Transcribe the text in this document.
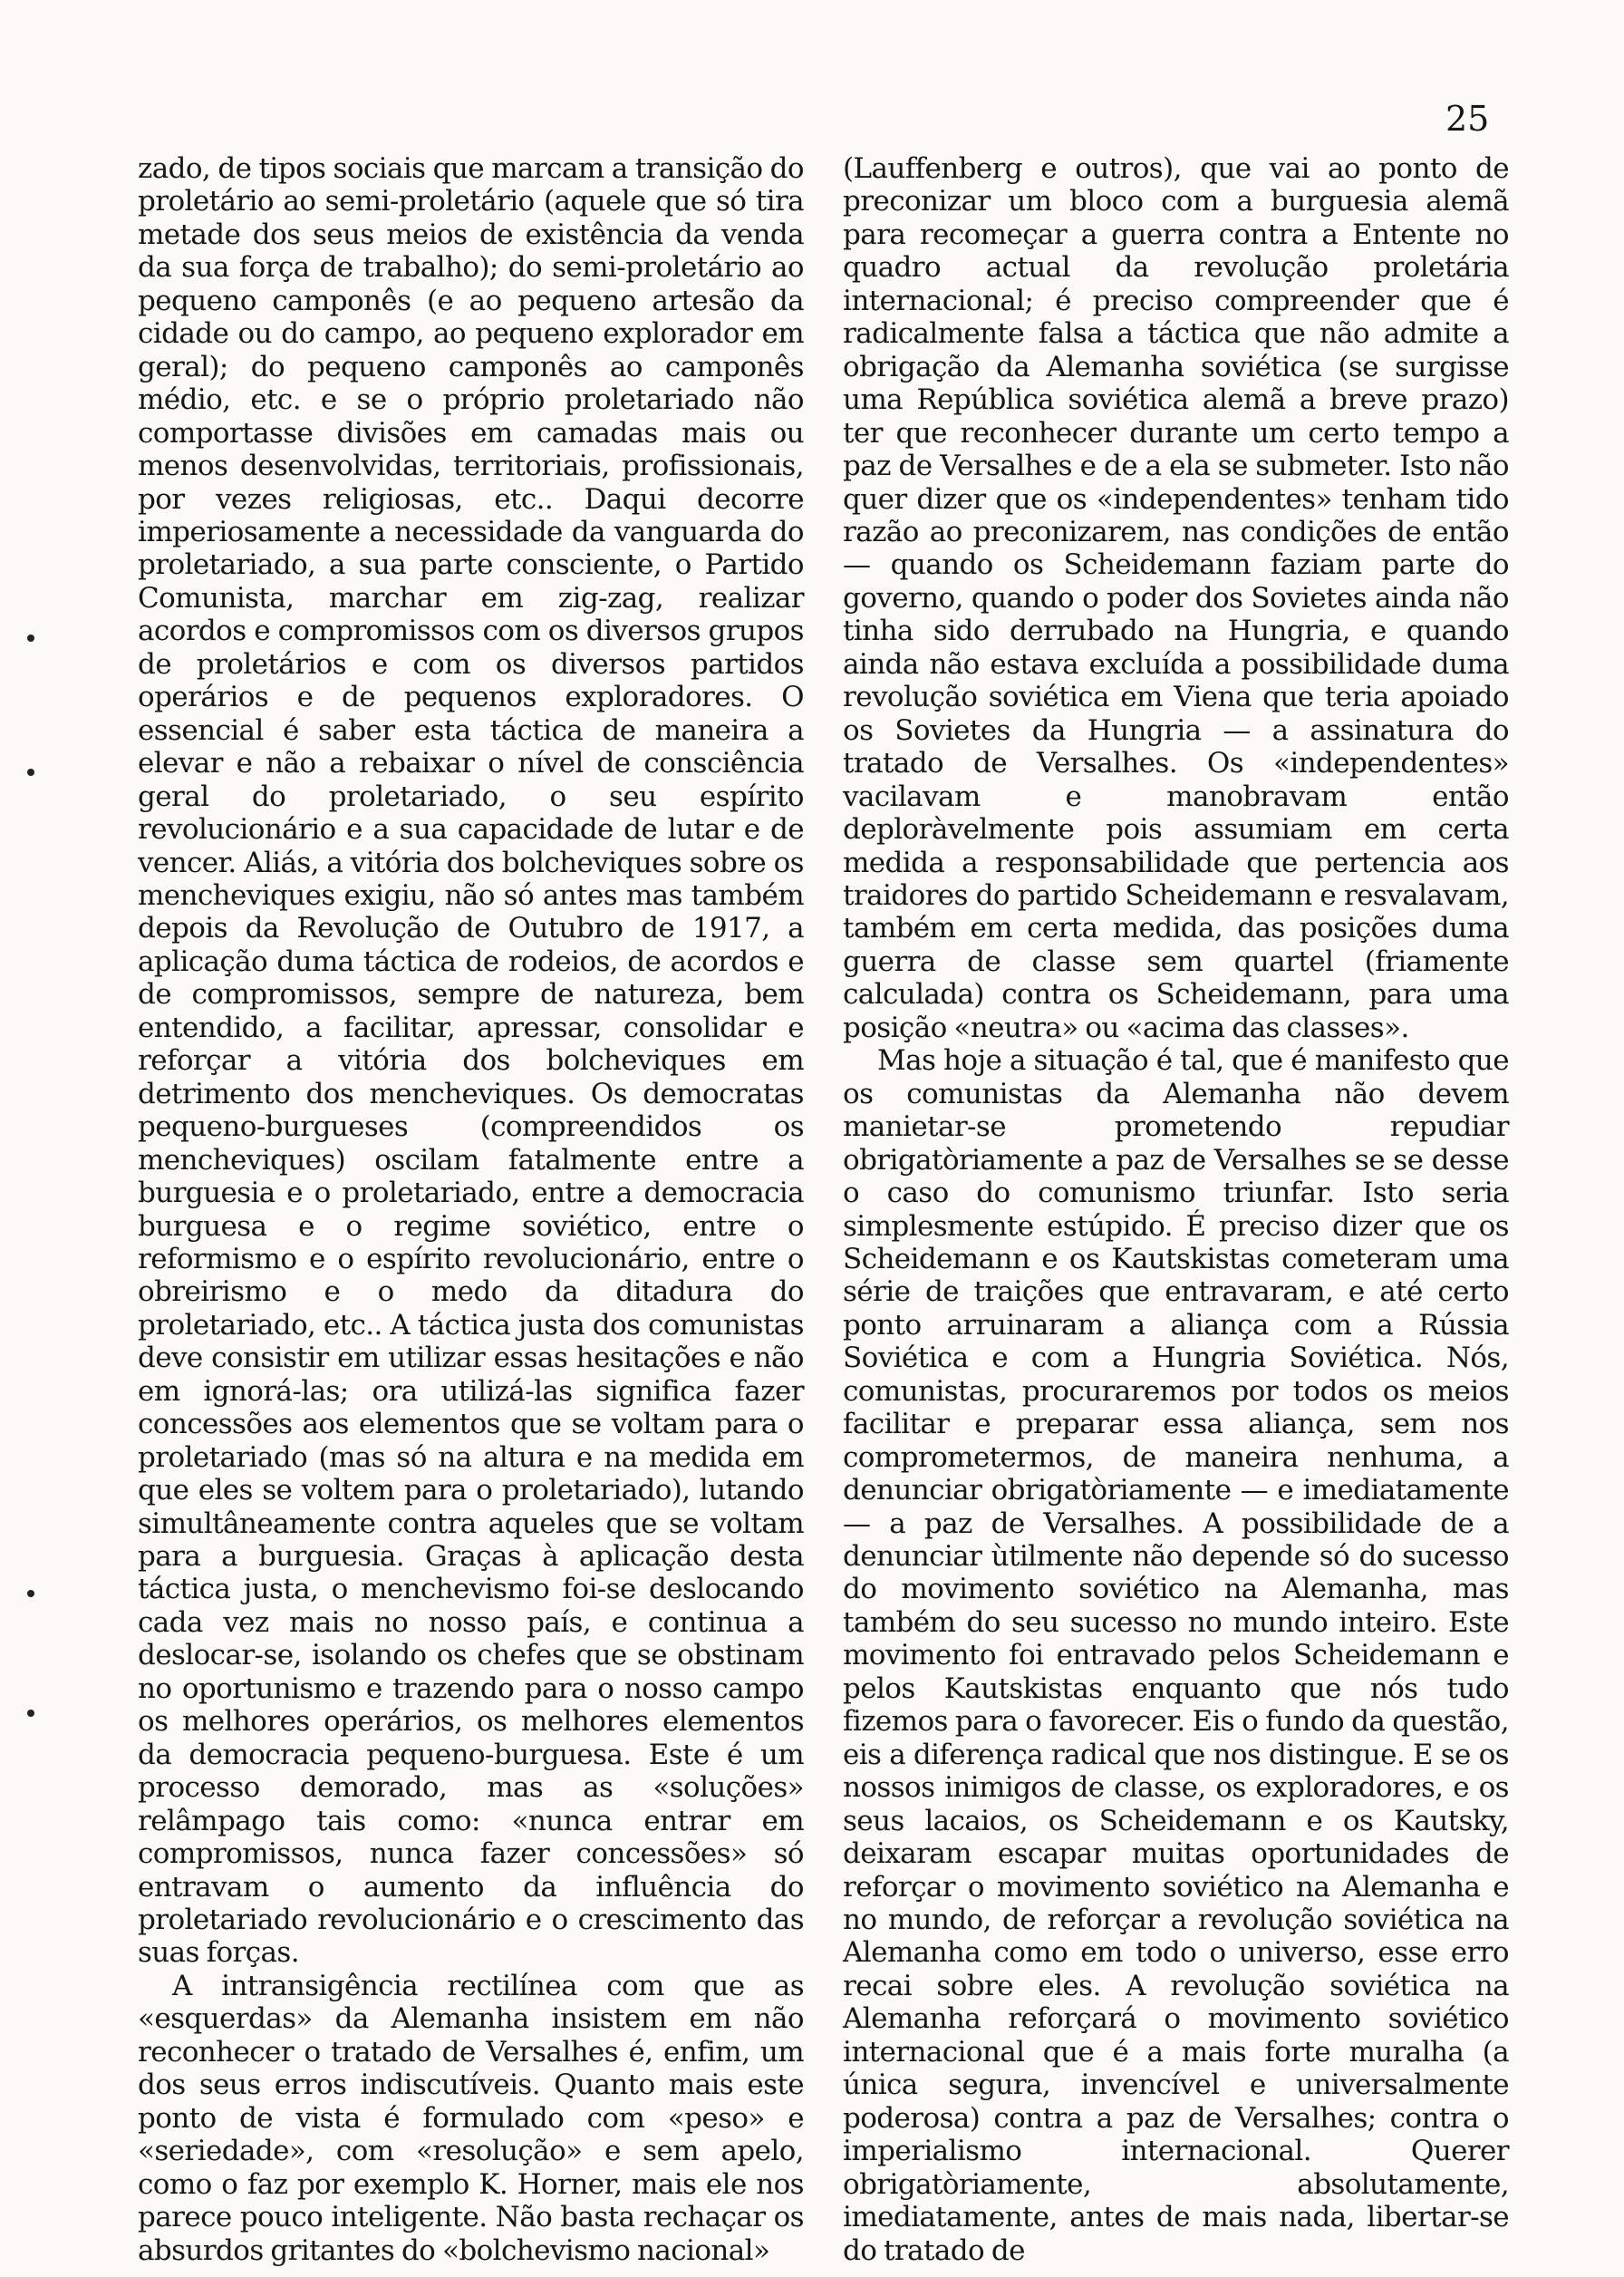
25

zado, de tipos sociais que marcam a transição do proletário ao semi-proletário (aquele que só tira metade dos seus meios de existência da venda da sua força de trabalho); do semi-proletário ao pequeno camponês (e ao pequeno artesão da cidade ou do campo, ao pequeno explorador em geral); do pequeno camponês ao camponês médio, etc. e se o próprio proletariado não comportasse divisões em camadas mais ou menos desenvolvidas, territoriais, profissionais, por vezes religiosas, etc.. Daqui decorre imperiosamente a necessidade da vanguarda do proletariado, a sua parte consciente, o Partido Comunista, marchar em zig-zag, realizar acordos e compromissos com os diversos grupos de proletários e com os diversos partidos operários e de pequenos exploradores. O essencial é saber esta táctica de maneira a elevar e não a rebaixar o nível de consciência geral do proletariado, o seu espírito revolucionário e a sua capacidade de lutar e de vencer. Aliás, a vitória dos bolcheviques sobre os mencheviques exigiu, não só antes mas também depois da Revolução de Outubro de 1917, a aplicação duma táctica de rodeios, de acordos e de compromissos, sempre de natureza, bem entendido, a facilitar, apressar, consolidar e reforçar a vitória dos bolcheviques em detrimento dos mencheviques. Os democratas pequeno-burgueses (compreendidos os mencheviques) oscilam fatalmente entre a burguesia e o proletariado, entre a democracia burguesa e o regime soviético, entre o reformismo e o espírito revolucionário, entre o obreirismo e o medo da ditadura do proletariado, etc.. A táctica justa dos comunistas deve consistir em utilizar essas hesitações e não em ignorá-las; ora utilizá-las significa fazer concessões aos elementos que se voltam para o proletariado (mas só na altura e na medida em que eles se voltem para o proletariado), lutando simultâneamente contra aqueles que se voltam para a burguesia. Graças à aplicação desta táctica justa, o menchevismo foi-se deslocando cada vez mais no nosso país, e continua a deslocar-se, isolando os chefes que se obstinam no oportunismo e trazendo para o nosso campo os melhores operários, os melhores elementos da democracia pequeno-burguesa. Este é um processo demorado, mas as «soluções» relâmpago tais como: «nunca entrar em compromissos, nunca fazer concessões» só entravam o aumento da influência do proletariado revolucionário e o crescimento das suas forças.

A intransigência rectilínea com que as «esquerdas» da Alemanha insistem em não reconhecer o tratado de Versalhes é, enfim, um dos seus erros indiscutíveis. Quanto mais este ponto de vista é formulado com «peso» e «seriedade», com «resolução» e sem apelo, como o faz por exemplo K. Horner, mais ele nos parece pouco inteligente. Não basta rechaçar os absurdos gritantes do «bolchevismo nacional»

(Lauffenberg e outros), que vai ao ponto de preconizar um bloco com a burguesia alemã para recomeçar a guerra contra a Entente no quadro actual da revolução proletária internacional; é preciso compreender que é radicalmente falsa a táctica que não admite a obrigação da Alemanha soviética (se surgisse uma República soviética alemã a breve prazo) ter que reconhecer durante um certo tempo a paz de Versalhes e de a ela se submeter. Isto não quer dizer que os «independentes» tenham tido razão ao preconizarem, nas condições de então — quando os Scheidemann faziam parte do governo, quando o poder dos Sovietes ainda não tinha sido derrubado na Hungria, e quando ainda não estava excluída a possibilidade duma revolução soviética em Viena que teria apoiado os Sovietes da Hungria — a assinatura do tratado de Versalhes. Os «independentes» vacilavam e manobravam então deploràvelmente pois assumiam em certa medida a responsabilidade que pertencia aos traidores do partido Scheidemann e resvalavam, também em certa medida, das posições duma guerra de classe sem quartel (friamente calculada) contra os Scheidemann, para uma posição «neutra» ou «acima das classes».

Mas hoje a situação é tal, que é manifesto que os comunistas da Alemanha não devem manietar-se prometendo repudiar obrigatòriamente a paz de Versalhes se se desse o caso do comunismo triunfar. Isto seria simplesmente estúpido. É preciso dizer que os Scheidemann e os Kautskistas cometeram uma série de traições que entravaram, e até certo ponto arruinaram a aliança com a Rússia Soviética e com a Hungria Soviética. Nós, comunistas, procuraremos por todos os meios facilitar e preparar essa aliança, sem nos comprometermos, de maneira nenhuma, a denunciar obrigatòriamente — e imediatamente — a paz de Versalhes. A possibilidade de a denunciar ùtilmente não depende só do sucesso do movimento soviético na Alemanha, mas também do seu sucesso no mundo inteiro. Este movimento foi entravado pelos Scheidemann e pelos Kautskistas enquanto que nós tudo fizemos para o favorecer. Eis o fundo da questão, eis a diferença radical que nos distingue. E se os nossos inimigos de classe, os exploradores, e os seus lacaios, os Scheidemann e os Kautsky, deixaram escapar muitas oportunidades de reforçar o movimento soviético na Alemanha e no mundo, de reforçar a revolução soviética na Alemanha como em todo o universo, esse erro recai sobre eles. A revolução soviética na Alemanha reforçará o movimento soviético internacional que é a mais forte muralha (a única segura, invencível e universalmente poderosa) contra a paz de Versalhes; contra o imperialismo internacional. Querer obrigatòriamente, absolutamente, imediatamente, antes de mais nada, libertar-se do tratado de
